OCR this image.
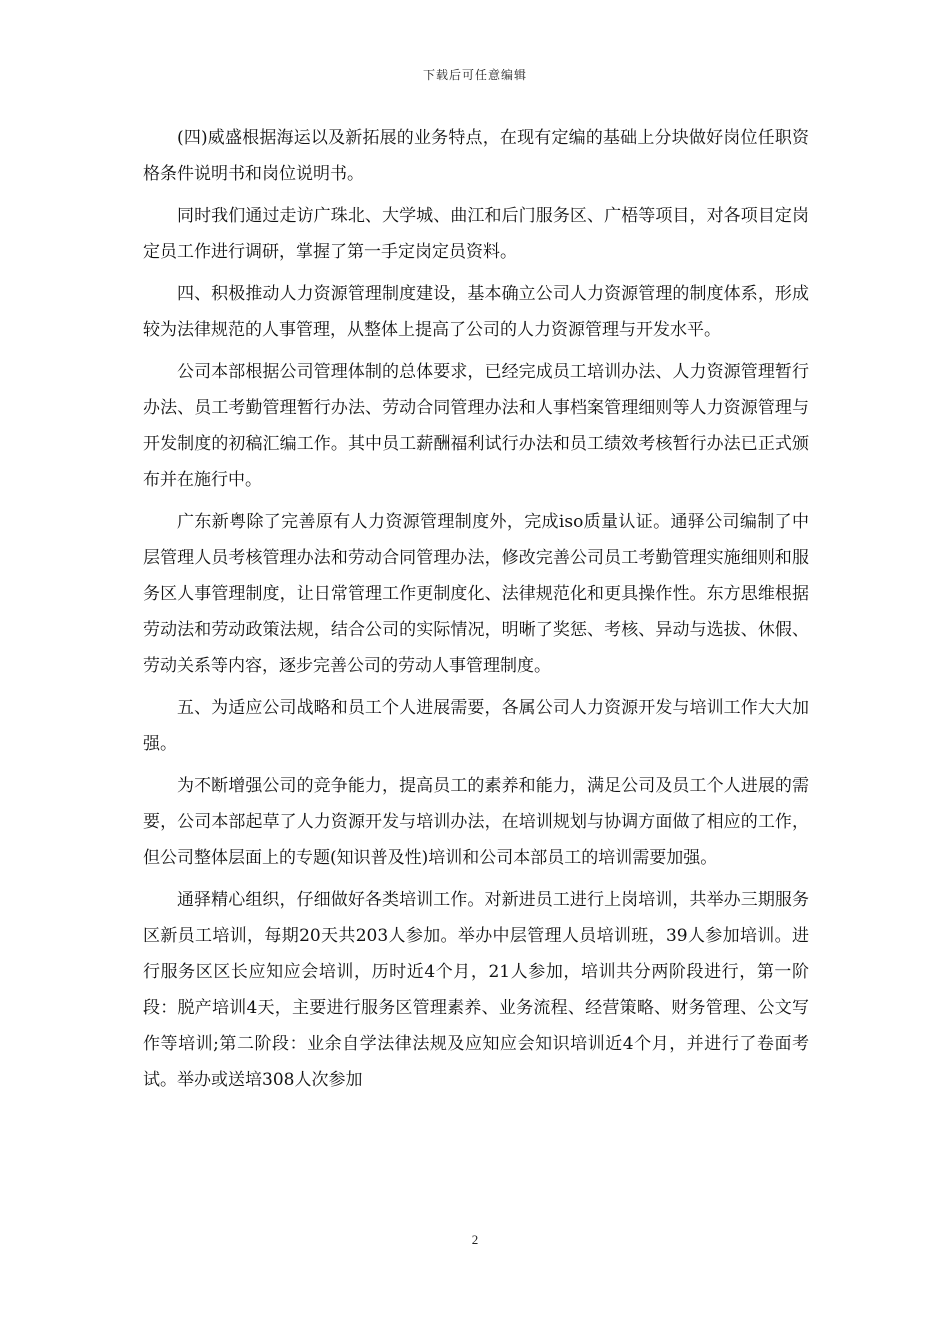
下载后可任意编辑

(四)威盛根据海运以及新拓展的业务特点，在现有定编的基础上分块做好岗位任职资格条件说明书和岗位说明书。

同时我们通过走访广珠北、大学城、曲江和后门服务区、广梧等项目，对各项目定岗定员工作进行调研，掌握了第一手定岗定员资料。

四、积极推动人力资源管理制度建设，基本确立公司人力资源管理的制度体系，形成较为法律规范的人事管理，从整体上提高了公司的人力资源管理与开发水平。

公司本部根据公司管理体制的总体要求，已经完成员工培训办法、人力资源管理暂行办法、员工考勤管理暂行办法、劳动合同管理办法和人事档案管理细则等人力资源管理与开发制度的初稿汇编工作。其中员工薪酬福利试行办法和员工绩效考核暂行办法已正式颁布并在施行中。

广东新粤除了完善原有人力资源管理制度外，完成iso质量认证。通驿公司编制了中层管理人员考核管理办法和劳动合同管理办法，修改完善公司员工考勤管理实施细则和服务区人事管理制度，让日常管理工作更制度化、法律规范化和更具操作性。东方思维根据劳动法和劳动政策法规，结合公司的实际情况，明晰了奖惩、考核、异动与选拔、休假、劳动关系等内容，逐步完善公司的劳动人事管理制度。

五、为适应公司战略和员工个人进展需要，各属公司人力资源开发与培训工作大大加强。

为不断增强公司的竞争能力，提高员工的素养和能力，满足公司及员工个人进展的需要，公司本部起草了人力资源开发与培训办法，在培训规划与协调方面做了相应的工作，但公司整体层面上的专题(知识普及性)培训和公司本部员工的培训需要加强。

通驿精心组织，仔细做好各类培训工作。对新进员工进行上岗培训，共举办三期服务区新员工培训，每期20天共203人参加。举办中层管理人员培训班，39人参加培训。进行服务区区长应知应会培训，历时近4个月，21人参加，培训共分两阶段进行，第一阶段：脱产培训4天，主要进行服务区管理素养、业务流程、经营策略、财务管理、公文写作等培训;第二阶段：业余自学法律法规及应知应会知识培训近4个月，并进行了卷面考试。举办或送培308人次参加

2
